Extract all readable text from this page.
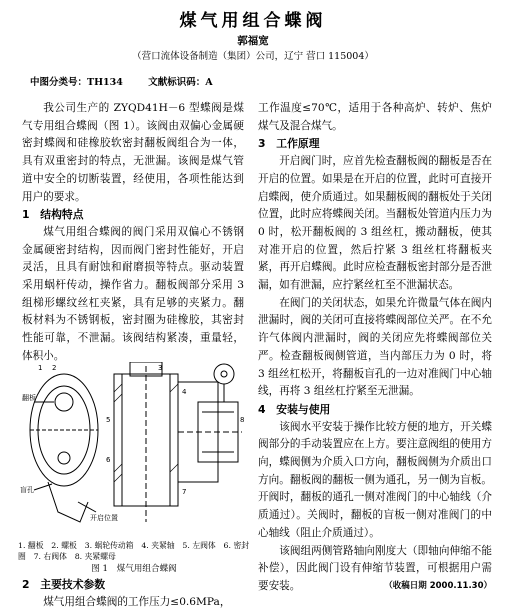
煤气用组合蝶阀
郭福宽
（营口流体设备制造（集团）公司，辽宁 营口 115004）
中图分类号：TH134	文献标识码：A

我公司生产的 ZYQD41H－6 型蝶阀是煤气专用组合蝶阀（图 1）。该阀由双偏心金属硬密封蝶阀和硅橡胶软密封翻板阀组合为一体，具有双重密封的特点，无泄漏。该阀是煤气管道中安全的切断装置，经使用，各项性能达到用户的要求。

1　结构特点

煤气用组合蝶阀的阀门采用双偏心不锈钢金属硬密封结构，因而阀门密封性能好，开启灵活，且具有耐蚀和耐磨损等特点。驱动装置采用蜗杆传动，操作省力。翻板阀部分采用 3 组梯形螺纹丝杠夹紧，具有足够的夹紧力。翻板材料为不锈钢板，密封圈为硅橡胶，其密封性能可靠，不泄漏。该阀结构紧凑，重量轻，体积小。

翻板
盲孔
开启位置
1 2	3
4
5
6
7
8
1. 翻板　2. 螺板　3. 蜗轮传动箱　4. 夹紧轴　5. 左阀体　6. 密封圈　7. 右阀体　8. 夹紧螺母
图 1　煤气用组合蝶阀
2　主要技术参数

煤气用组合蝶阀的工作压力≤0.6MPa，

工作温度≤70℃，适用于各种高炉、转炉、焦炉煤气及混合煤气。

3　工作原理

开启阀门时，应首先检查翻板阀的翻板是否在开启的位置。如果是在开启的位置，此时可直接开启蝶阀，使介质通过。如果翻板阀的翻板处于关闭位置，此时应将蝶阀关闭。当翻板处管道内压力为 0 时，松开翻板阀的 3 组丝杠，搬动翻板，使其对准开启的位置，然后拧紧 3 组丝杠将翻板夹紧，再开启蝶阀。此时应检查翻板密封部分是否泄漏，如有泄漏，应拧紧丝杠至不泄漏状态。

在阀门的关闭状态，如果允许微量气体在阀内泄漏时，阀的关闭可直接将蝶阀部位关严。在不允许气体阀内泄漏时，阀的关闭应先将蝶阀部位关严。检查翻板阀侧管道，当内部压力为 0 时，将 3 组丝杠松开，将翻板盲孔的一边对准阀门中心轴线，再将 3 组丝杠拧紧至无泄漏。

4　安装与使用

该阀水平安装于操作比较方便的地方，开关蝶阀部分的手动装置应在上方。要注意阀组的使用方向，蝶阀侧为介质入口方向，翻板阀侧为介质出口方向。翻板阀的翻板一侧为通孔，另一侧为盲板。开阀时，翻板的通孔一侧对准阀门的中心轴线（介质通过）。关阀时，翻板的盲板一侧对准阀门的中心轴线（阻止介质通过）。

该阀组两侧管路轴向刚度大（即轴向伸缩不能补偿），因此阀门设有伸缩节装置，可根据用户需要安装。	（收稿日期 2000.11.30）
